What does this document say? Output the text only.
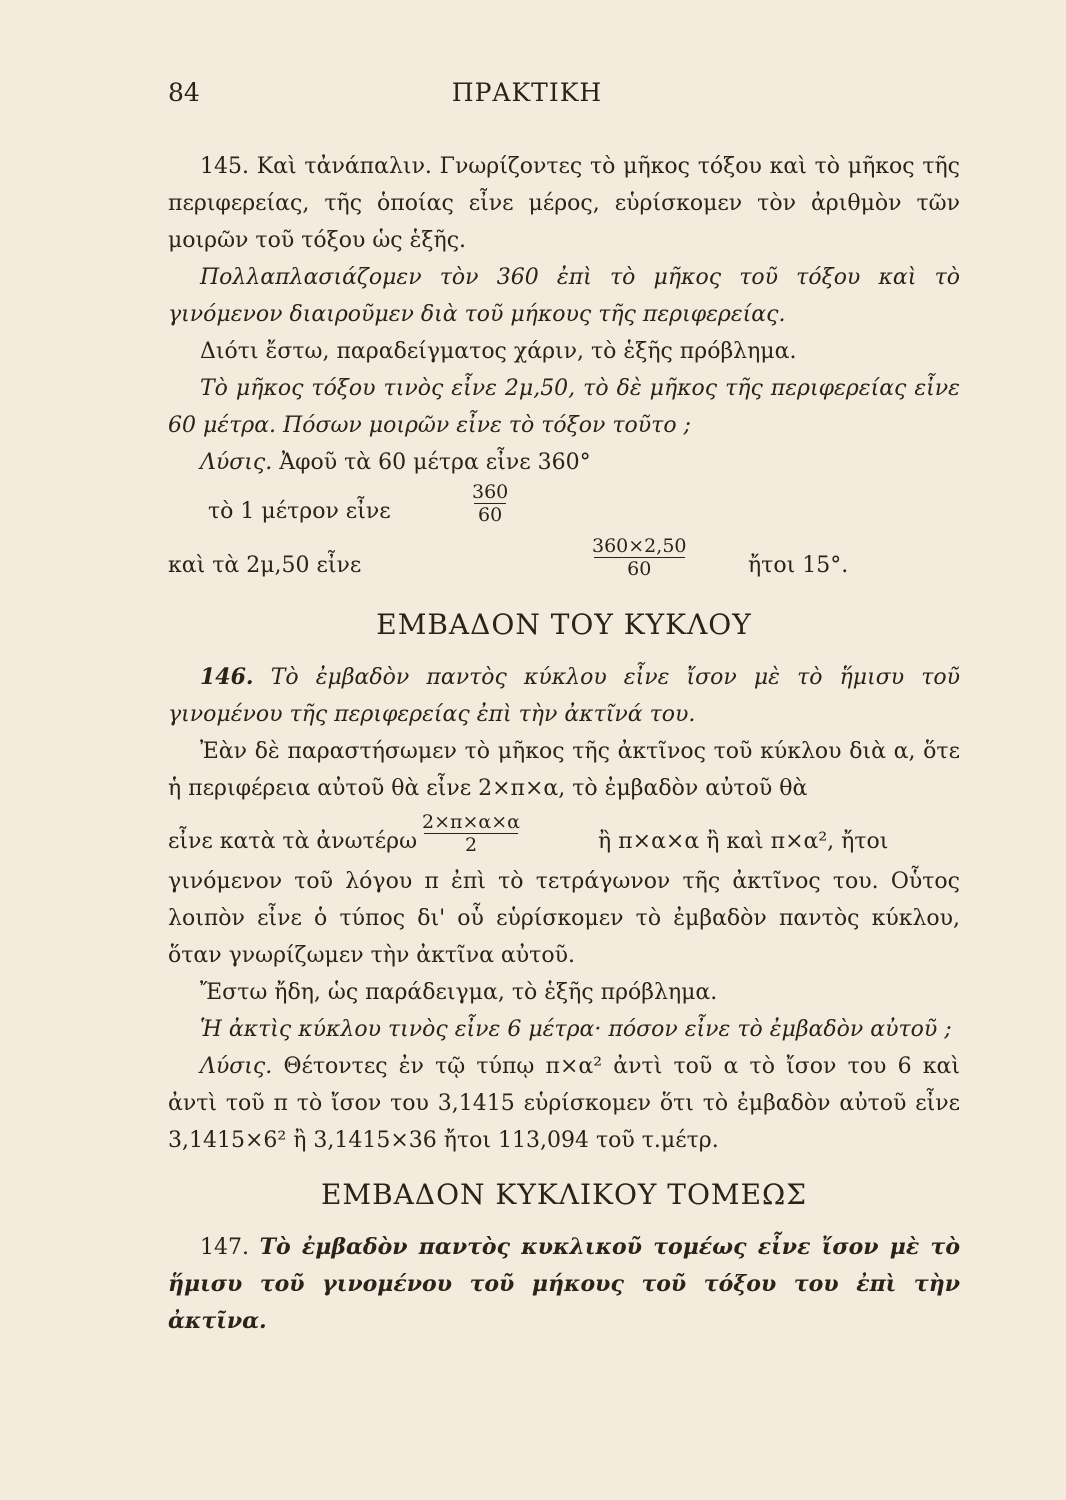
84	ΠΡΑΚΤΙΚΗ

145. Καὶ τἀνάπαλιν. Γνωρίζοντες τὸ μῆκος τόξου καὶ τὸ μῆκος τῆς περιφερείας, τῆς ὁποίας εἶνε μέρος, εὑρίσκομεν τὸν ἀριθμὸν τῶν μοιρῶν τοῦ τόξου ὡς ἑξῆς.

Πολλαπλασιάζομεν τὸν 360 ἐπὶ τὸ μῆκος τοῦ τόξου καὶ τὸ γινόμενον διαιροῦμεν διὰ τοῦ μήκους τῆς περιφερείας.

Διότι ἔστω, παραδείγματος χάριν, τὸ ἑξῆς πρόβλημα.

Τὸ μῆκος τόξου τινὸς εἶνε 2μ,50, τὸ δὲ μῆκος τῆς περιφερείας εἶνε 60 μέτρα. Πόσων μοιρῶν εἶνε τὸ τόξον τοῦτο ;

Λύσις. Ἀφοῦ τὰ 60 μέτρα εἶνε 360°

τὸ 1 μέτρον εἶνε
360
60
καὶ τὰ 2μ,50 εἶνε
360×2,50
60	ἤτοι 15°.
ΕΜΒΑΔΟΝ ΤΟΥ ΚΥΚΛΟΥ

146. Τὸ ἐμβαδὸν παντὸς κύκλου εἶνε ἴσον μὲ τὸ ἥμισυ τοῦ γινομένου τῆς περιφερείας ἐπὶ τὴν ἀκτῖνά του.

Ἐὰν δὲ παραστήσωμεν τὸ μῆκος τῆς ἀκτῖνος τοῦ κύκλου διὰ α, ὅτε ἡ περιφέρεια αὐτοῦ θὰ εἶνε 2×π×α, τὸ ἐμβαδὸν αὐτοῦ θὰ

εἶνε κατὰ τὰ ἀνωτέρω
2×π×α×α
2	ἢ π×α×α ἢ καὶ π×α², ἤτοι

γινόμενον τοῦ λόγου π ἐπὶ τὸ τετράγωνον τῆς ἀκτῖνος του. Οὗτος λοιπὸν εἶνε ὁ τύπος δι' οὗ εὑρίσκομεν τὸ ἐμβαδὸν παντὸς κύκλου, ὅταν γνωρίζωμεν τὴν ἀκτῖνα αὐτοῦ.

Ἔστω ἤδη, ὡς παράδειγμα, τὸ ἑξῆς πρόβλημα.

Ἡ ἀκτὶς κύκλου τινὸς εἶνε 6 μέτρα· πόσον εἶνε τὸ ἐμβαδὸν αὐτοῦ ;

Λύσις. Θέτοντες ἐν τῷ τύπῳ π×α² ἀντὶ τοῦ α τὸ ἴσον του 6 καὶ ἀντὶ τοῦ π τὸ ἴσον του 3,1415 εὑρίσκομεν ὅτι τὸ ἐμβαδὸν αὐτοῦ εἶνε 3,1415×6² ἢ 3,1415×36 ἤτοι 113,094 τοῦ τ.μέτρ.

ΕΜΒΑΔΟΝ ΚΥΚΛΙΚΟΥ ΤΟΜΕΩΣ

147. Τὸ ἐμβαδὸν παντὸς κυκλικοῦ τομέως εἶνε ἴσον μὲ τὸ ἥμισυ τοῦ γινομένου τοῦ μήκους τοῦ τόξου του ἐπὶ τὴν ἀκτῖνα.
